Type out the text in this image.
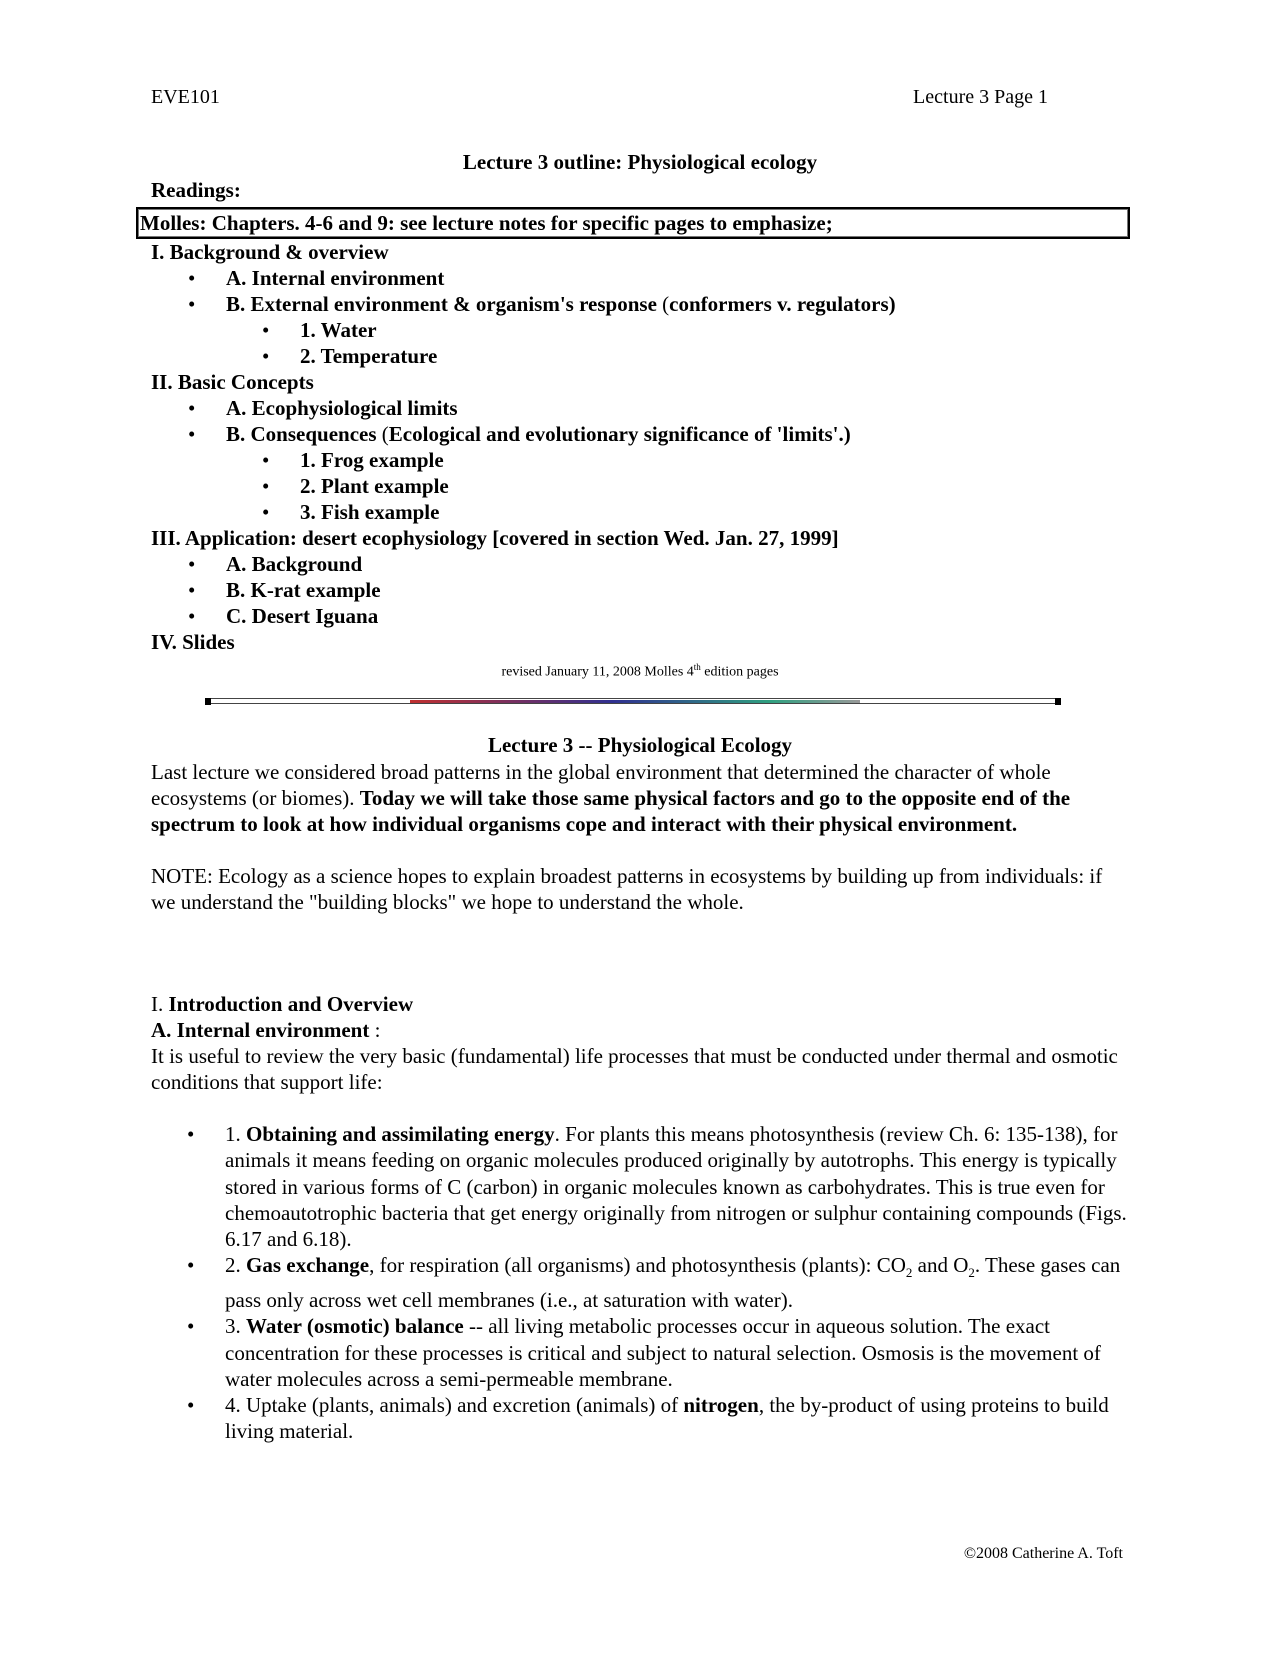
EVE101	Lecture 3 Page 1
Lecture 3 outline: Physiological ecology
Readings:
Molles: Chapters. 4-6 and 9: see lecture notes for specific pages to emphasize;
I. Background & overview
• A. Internal environment
• B. External environment & organism's response (conformers v. regulators)
• 1. Water
• 2. Temperature
II. Basic Concepts
• A. Ecophysiological limits
• B. Consequences (Ecological and evolutionary significance of 'limits'.)
• 1. Frog example
• 2. Plant example
• 3. Fish example
III. Application: desert ecophysiology [covered in section Wed. Jan. 27, 1999]
• A. Background
• B. K-rat example
• C. Desert Iguana
IV. Slides
revised January 11, 2008 Molles 4th edition pages
Lecture 3 -- Physiological Ecology
Last lecture we considered broad patterns in the global environment that determined the character of whole ecosystems (or biomes). Today we will take those same physical factors and go to the opposite end of the spectrum to look at how individual organisms cope and interact with their physical environment.
NOTE: Ecology as a science hopes to explain broadest patterns in ecosystems by building up from individuals: if we understand the "building blocks" we hope to understand the whole.
I. Introduction and Overview
A. Internal environment :
It is useful to review the very basic (fundamental) life processes that must be conducted under thermal and osmotic conditions that support life:
• 1. Obtaining and assimilating energy. For plants this means photosynthesis (review Ch. 6: 135-138), for animals it means feeding on organic molecules produced originally by autotrophs. This energy is typically stored in various forms of C (carbon) in organic molecules known as carbohydrates. This is true even for chemoautotrophic bacteria that get energy originally from nitrogen or sulphur containing compounds (Figs. 6.17 and 6.18).
• 2. Gas exchange, for respiration (all organisms) and photosynthesis (plants): $CO_2$ and $O_2$. These gases can pass only across wet cell membranes (i.e., at saturation with water).
• 3. Water (osmotic) balance -- all living metabolic processes occur in aqueous solution. The exact concentration for these processes is critical and subject to natural selection. Osmosis is the movement of water molecules across a semi-permeable membrane.
• 4. Uptake (plants, animals) and excretion (animals) of nitrogen, the by-product of using proteins to build living material.
©2008 Catherine A. Toft
